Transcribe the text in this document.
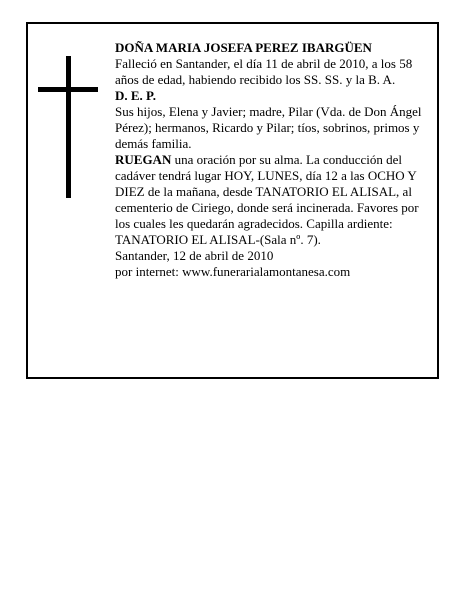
DOÑA MARIA JOSEFA PEREZ IBARGÜEN

Falleció en Santander, el día 11 de abril de 2010, a los 58 años de edad, habiendo recibido los SS. SS. y la B. A.

D. E. P.

Sus hijos, Elena y Javier; madre, Pilar (Vda. de Don Ángel Pérez); hermanos, Ricardo y Pilar; tíos, sobrinos, primos y demás familia.

RUEGAN una oración por su alma. La conducción del cadáver tendrá lugar HOY, LUNES, día 12 a las OCHO Y DIEZ de la mañana, desde TANATORIO EL ALISAL, al cementerio de Ciriego, donde será incinerada. Favores por los cuales les quedarán agradecidos. Capilla ardiente: TANATORIO EL ALISAL-(Sala nº. 7).

Santander, 12 de abril de 2010

por internet: www.funerarialamontanesa.com
